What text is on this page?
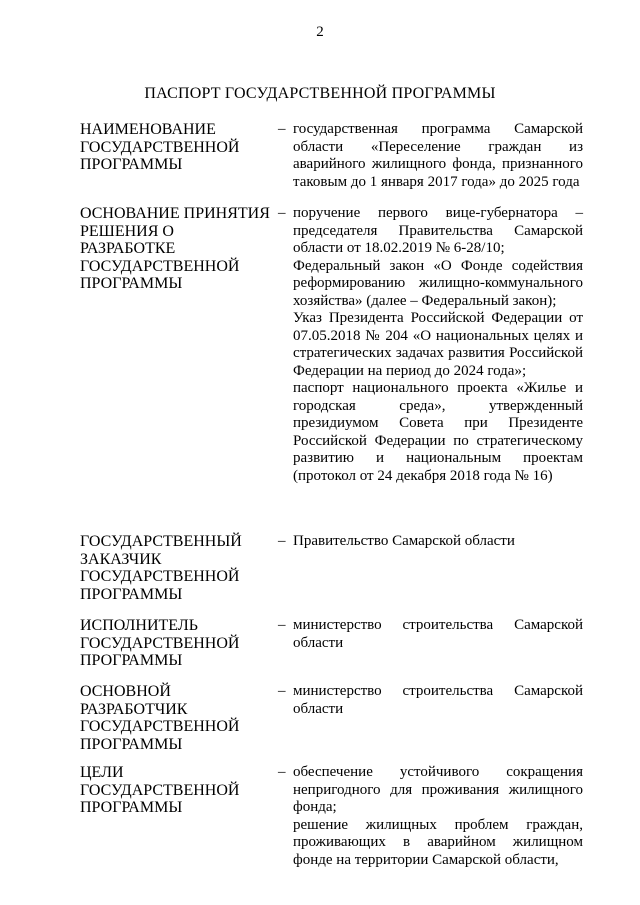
2
ПАСПОРТ ГОСУДАРСТВЕННОЙ ПРОГРАММЫ
НАИМЕНОВАНИЕ ГОСУДАРСТВЕННОЙ ПРОГРАММЫ
– государственная программа Самарской области «Переселение граждан из аварийного жилищного фонда, признанного таковым до 1 января 2017 года» до 2025 года
ОСНОВАНИЕ ПРИНЯТИЯ РЕШЕНИЯ О РАЗРАБОТКЕ ГОСУДАРСТВЕННОЙ ПРОГРАММЫ
– поручение первого вице-губернатора – председателя Правительства Самарской области от 18.02.2019 № 6-28/10;
Федеральный закон «О Фонде содействия реформированию жилищно-коммунального хозяйства» (далее – Федеральный закон);
Указ Президента Российской Федерации от 07.05.2018 № 204 «О национальных целях и стратегических задачах развития Российской Федерации на период до 2024 года»;
паспорт национального проекта «Жилье и городская среда», утвержденный президиумом Совета при Президенте Российской Федерации по стратегическому развитию и национальным проектам (протокол от 24 декабря 2018 года № 16)
ГОСУДАРСТВЕННЫЙ ЗАКАЗЧИК ГОСУДАРСТВЕННОЙ ПРОГРАММЫ
– Правительство Самарской области
ИСПОЛНИТЕЛЬ ГОСУДАРСТВЕННОЙ ПРОГРАММЫ
– министерство строительства Самарской области
ОСНОВНОЙ РАЗРАБОТЧИК ГОСУДАРСТВЕННОЙ ПРОГРАММЫ
– министерство строительства Самарской области
ЦЕЛИ ГОСУДАРСТВЕННОЙ ПРОГРАММЫ
– обеспечение устойчивого сокращения непригодного для проживания жилищного фонда;
решение жилищных проблем граждан, проживающих в аварийном жилищном фонде на территории Самарской области,
